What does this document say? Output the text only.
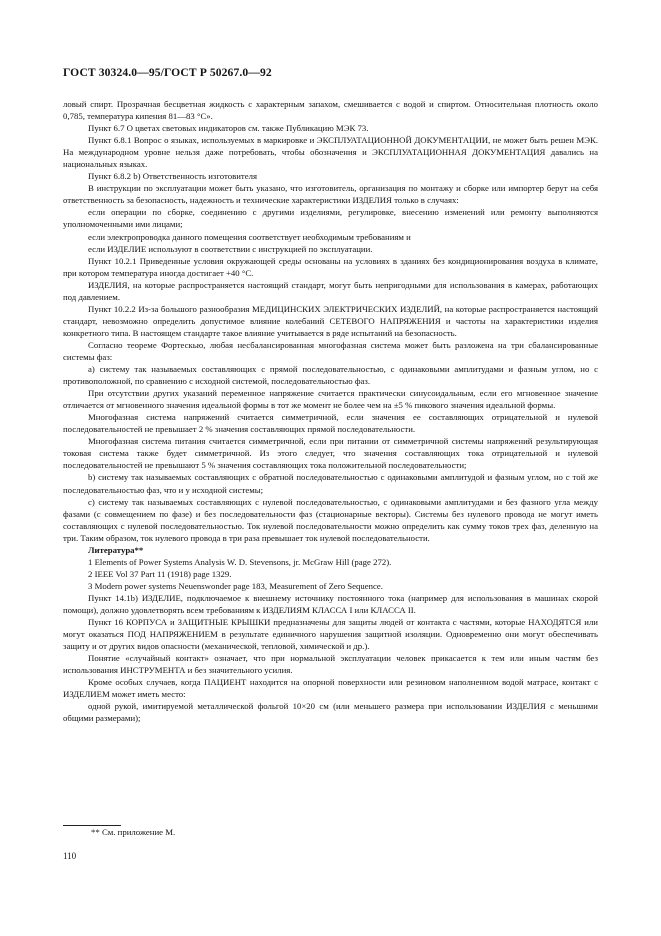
ГОСТ 30324.0—95/ГОСТ Р 50267.0—92

ловый спирт. Прозрачная бесцветная жидкость с характерным запахом, смешивается с водой и спиртом. Относительная плотность около 0,785, температура кипения 81—83 °С».

Пункт 6.7 О цветах световых индикаторов см. также Публикацию МЭК 73.

Пункт 6.8.1 Вопрос о языках, используемых в маркировке и ЭКСПЛУАТАЦИОННОЙ ДОКУМЕНТАЦИИ, не может быть решен МЭК. На международном уровне нельзя даже потребовать, чтобы обозначения и ЭКСПЛУАТАЦИОННАЯ ДОКУМЕНТАЦИЯ давались на национальных языках.

Пункт 6.8.2 b) Ответственность изготовителя

В инструкции по эксплуатации может быть указано, что изготовитель, организация по монтажу и сборке или импортер берут на себя ответственность за безопасность, надежность и технические характеристики ИЗДЕЛИЯ только в случаях:

если операции по сборке, соединению с другими изделиями, регулировке, внесению изменений или ремонту выполняются уполномоченными ими лицами;

если электропроводка данного помещения соответствует необходимым требованиям и

если ИЗДЕЛИЕ используют в соответствии с инструкцией по эксплуатации.

Пункт 10.2.1 Приведенные условия окружающей среды основаны на условиях в зданиях без кондиционирования воздуха в климате, при котором температура иногда достигает +40 °С.

ИЗДЕЛИЯ, на которые распространяется настоящий стандарт, могут быть непригодными для использования в камерах, работающих под давлением.

Пункт 10.2.2 Из-за большого разнообразия МЕДИЦИНСКИХ ЭЛЕКТРИЧЕСКИХ ИЗДЕЛИЙ, на которые распространяется настоящий стандарт, невозможно определить допустимое влияние колебаний СЕТЕВОГО НАПРЯЖЕНИЯ и частоты на характеристики изделия конкретного типа. В настоящем стандарте такое влияние учитывается в ряде испытаний на безопасность.

Согласно теореме Фортескью, любая несбалансированная многофазная система может быть разложена на три сбалансированные системы фаз:

а) систему так называемых составляющих с прямой последовательностью, с одинаковыми амплитудами и фазным углом, но с противоположной, по сравнению с исходной системой, последовательностью фаз.

При отсутствии других указаний переменное напряжение считается практически синусоидальным, если его мгновенное значение отличается от мгновенного значения идеальной формы в тот же момент не более чем на ±5 % пикового значения идеальной формы.

Многофазная система напряжений считается симметричной, если значения ее составляющих отрицательной и нулевой последовательностей не превышает 2 % значения составляющих прямой последовательности.

Многофазная система питания считается симметричной, если при питании от симметричной системы напряжений результирующая токовая система также будет симметричной. Из этого следует, что значения составляющих тока отрицательной и нулевой последовательностей не превышают 5 % значения составляющих тока положительной последовательности;

b) систему так называемых составляющих с обратной последовательностью с одинаковыми амплитудой и фазным углом, но с той же последовательностью фаз, что и у исходной системы;

с) систему так называемых составляющих с нулевой последовательностью, с одинаковыми амплитудами и без фазного угла между фазами (с совмещением по фазе) и без последовательности фаз (стационарные векторы). Системы без нулевого провода не могут иметь составляющих с нулевой последовательностью. Ток нулевой последовательности можно определить как сумму токов трех фаз, деленную на три. Таким образом, ток нулевого провода в три раза превышает ток нулевой последовательности.

Литература**

1 Elements of Power Systems Analysis W. D. Stevensons, jr. McGraw Hill (page 272).

2 IEEE Vol 37 Part 11 (1918) page 1329.

3 Modern power systems Neuenswonder page 183, Measurement of Zero Sequence.

Пункт 14.1b) ИЗДЕЛИЕ, подключаемое к внешнему источнику постоянного тока (например для использования в машинах скорой помощи), должно удовлетворять всем требованиям к ИЗДЕЛИЯМ КЛАССА I или КЛАССА II.

Пункт 16 КОРПУСА и ЗАЩИТНЫЕ КРЫШКИ предназначены для защиты людей от контакта с частями, которые НАХОДЯТСЯ или могут оказаться ПОД НАПРЯЖЕНИЕМ в результате единичного нарушения защитной изоляции. Одновременно они могут обеспечивать защиту и от других видов опасности (механической, тепловой, химической и др.).

Понятие «случайный контакт» означает, что при нормальной эксплуатации человек прикасается к тем или иным частям без использования ИНСТРУМЕНТА и без значительного усилия.

Кроме особых случаев, когда ПАЦИЕНТ находится на опорной поверхности или резиновом наполненном водой матрасе, контакт с ИЗДЕЛИЕМ может иметь место:

одной рукой, имитируемой металлической фольгой 10×20 см (или меньшего размера при использовании ИЗДЕЛИЯ с меньшими общими размерами);

** См. приложение М.
110
